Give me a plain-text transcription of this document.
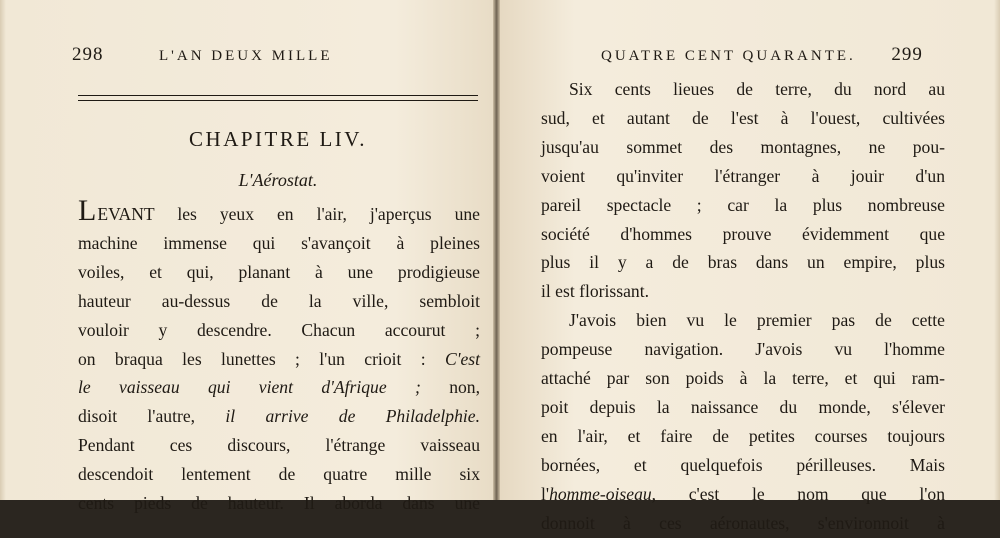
298	L'AN DEUX MILLE
CHAPITRE LIV.
L'Aérostat.
LEVANT les yeux en l'air, j'aperçus une
machine immense qui s'avançoit à pleines
voiles, et qui, planant à une prodigieuse
hauteur au-dessus de la ville, sembloit
vouloir y descendre. Chacun accourut ;
on braqua les lunettes ; l'un crioit : C'est
le vaisseau qui vient d'Afrique ; non,
disoit l'autre, il arrive de Philadelphie.
Pendant ces discours, l'étrange vaisseau
descendoit lentement de quatre mille six
cents pieds de hauteur. Il aborda dans une
QUATRE CENT QUARANTE. 299
Six cents lieues de terre, du nord au
sud, et autant de l'est à l'ouest, cultivées
jusqu'au sommet des montagnes, ne pou-
voient qu'inviter l'étranger à jouir d'un
pareil spectacle ; car la plus nombreuse
société d'hommes prouve évidemment que
plus il y a de bras dans un empire, plus
il est florissant.
J'avois bien vu le premier pas de cette
pompeuse navigation. J'avois vu l'homme
attaché par son poids à la terre, et qui ram-
poit depuis la naissance du monde, s'élever
en l'air, et faire de petites courses toujours
bornées, et quelquefois périlleuses. Mais
l'homme-oiseau, c'est le nom que l'on
donnoit à ces aéronautes, s'environnoit à
